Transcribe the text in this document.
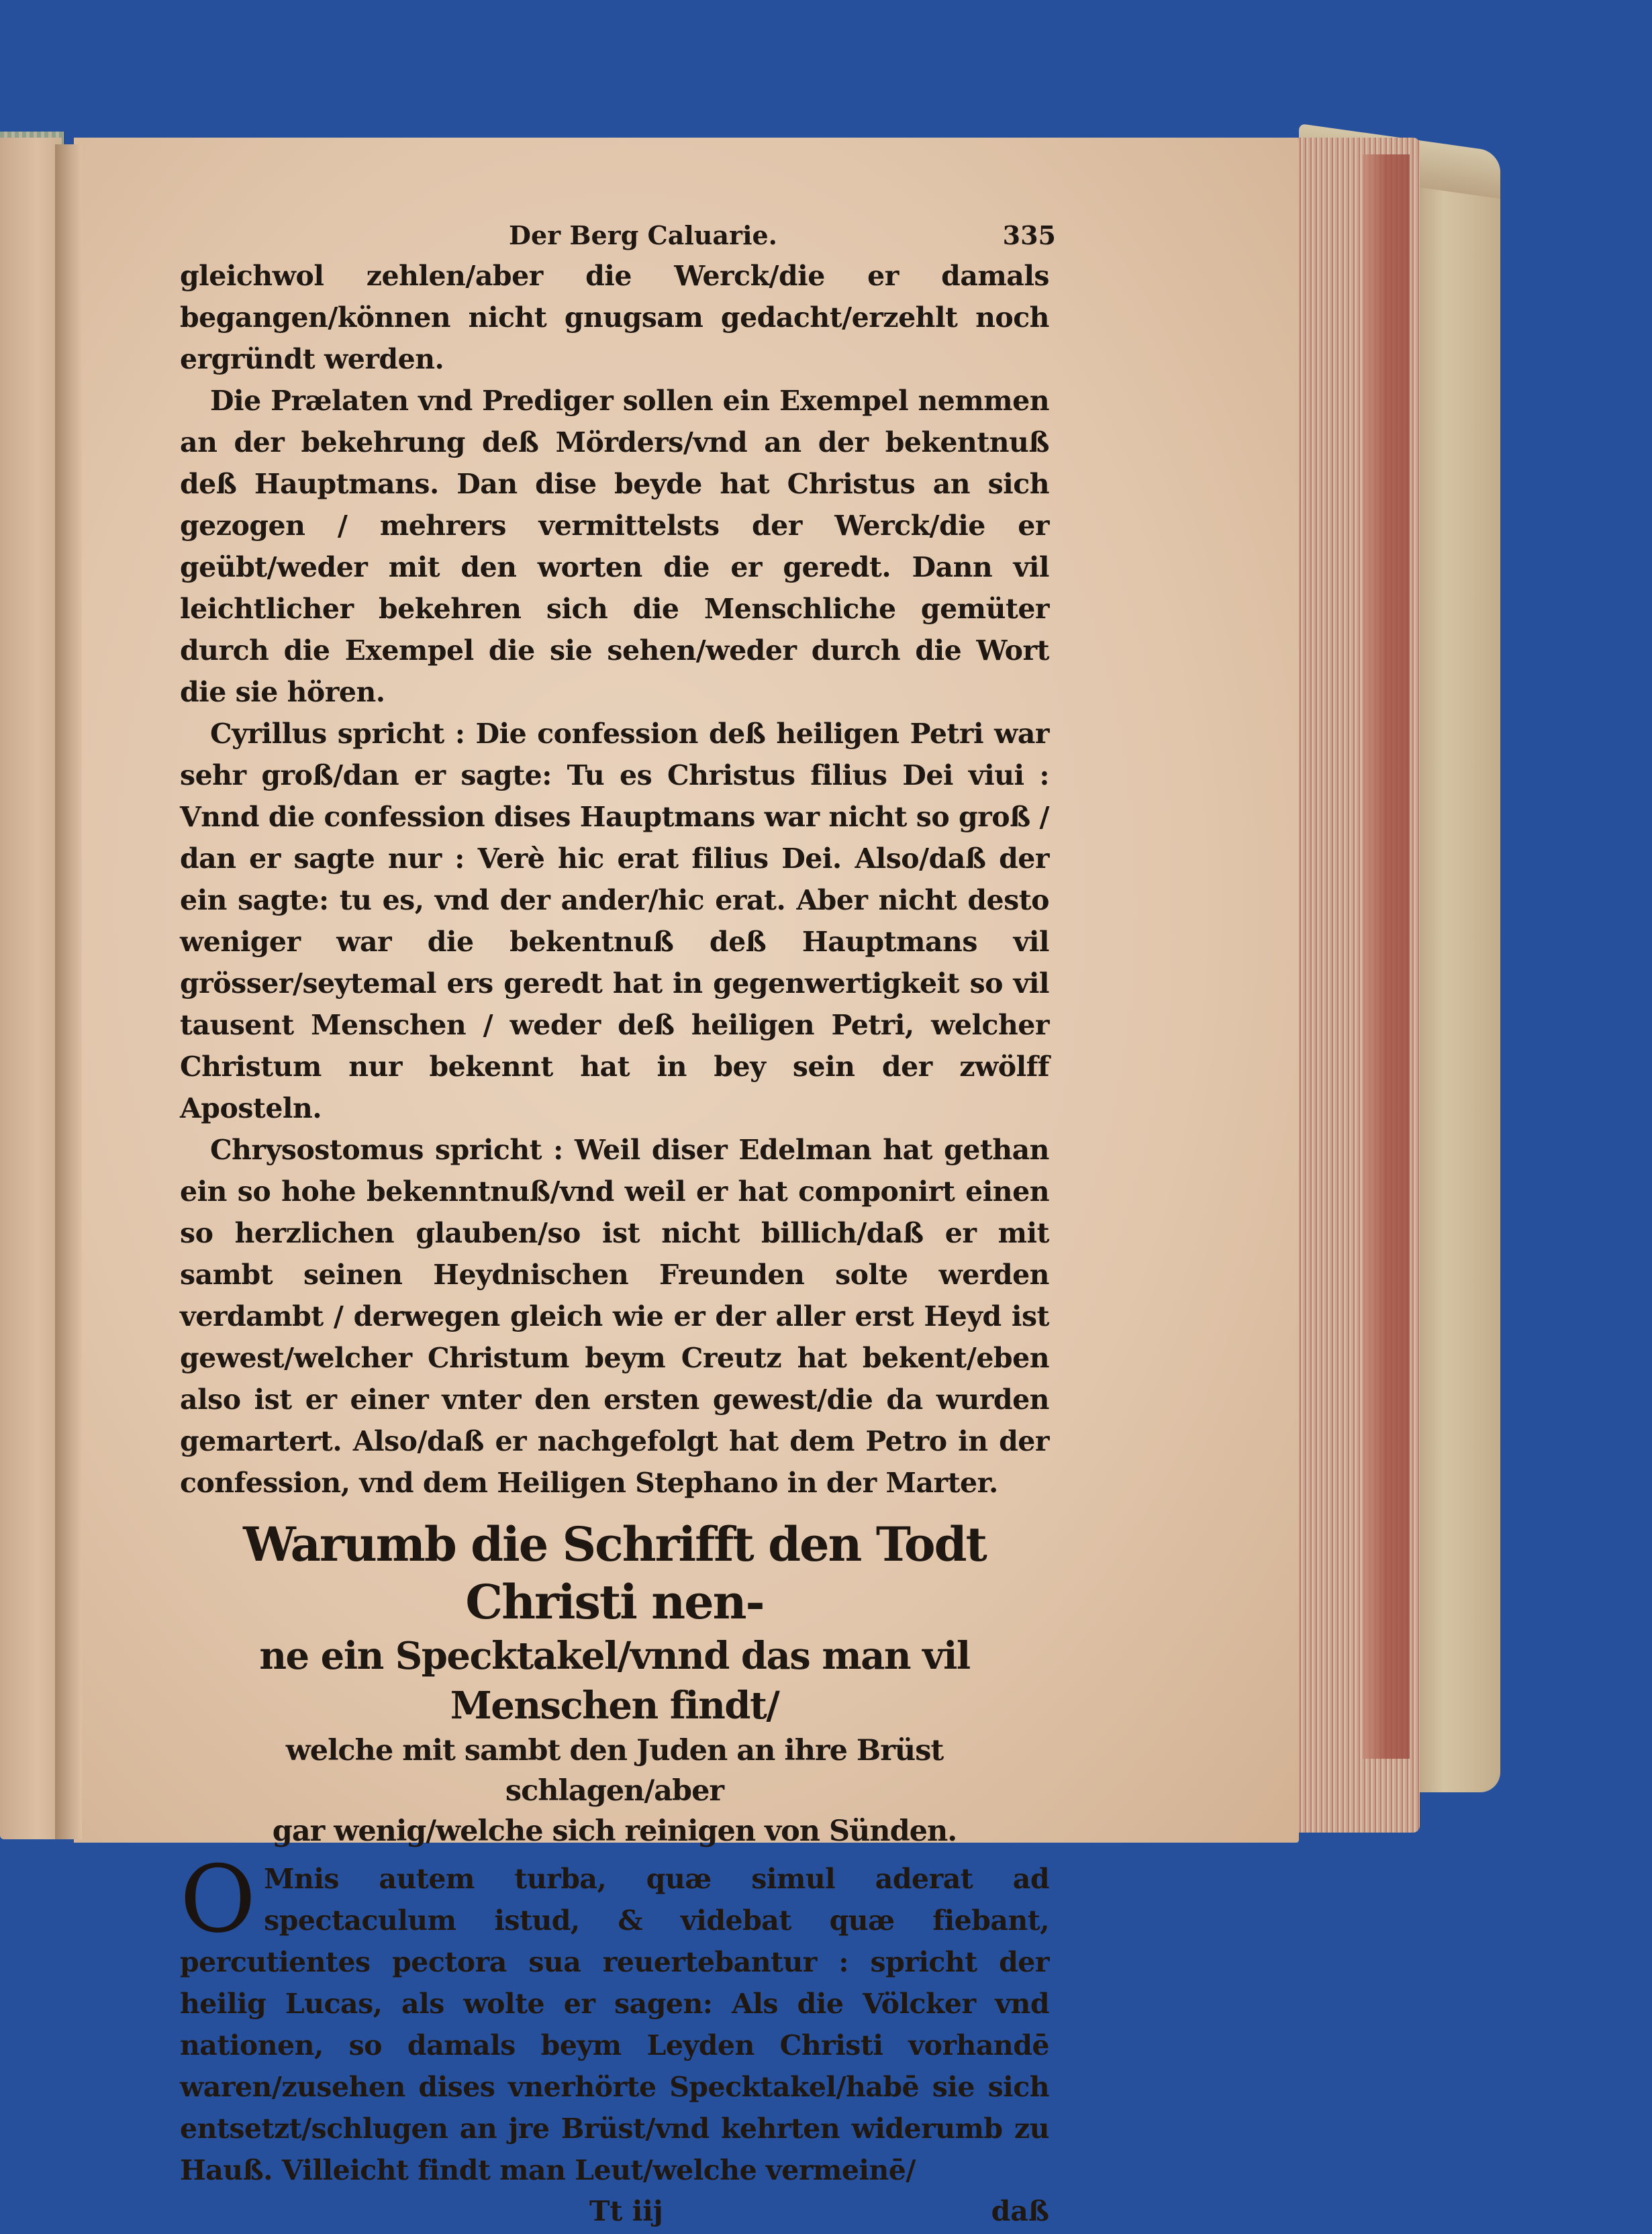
Der Berg Caluarie.	335

gleichwol zehlen/aber die Werck/die er damals begangen/können nicht gnugsam gedacht/erzehlt noch ergründt werden.

Die Prælaten vnd Prediger sollen ein Exempel nemmen an der bekehrung deß Mörders/vnd an der bekentnuß deß Hauptmans. Dan dise beyde hat Christus an sich gezogen / mehrers vermittelsts der Werck/die er geübt/weder mit den worten die er geredt. Dann vil leichtlicher bekehren sich die Menschliche gemüter durch die Exempel die sie sehen/weder durch die Wort die sie hören.

Cyrillus spricht : Die confession deß heiligen Petri war sehr groß/dan er sagte: Tu es Christus filius Dei viui : Vnnd die confession dises Hauptmans war nicht so groß / dan er sagte nur : Verè hic erat filius Dei. Also/daß der ein sagte: tu es, vnd der ander/hic erat. Aber nicht desto weniger war die bekentnuß deß Hauptmans vil grösser/seytemal ers geredt hat in gegenwertigkeit so vil tausent Menschen / weder deß heiligen Petri, welcher Christum nur bekennt hat in bey sein der zwölff Aposteln.

Chrysostomus spricht : Weil diser Edelman hat gethan ein so hohe bekenntnuß/vnd weil er hat componirt einen so herzlichen glauben/so ist nicht billich/daß er mit sambt seinen Heydnischen Freunden solte werden verdambt / derwegen gleich wie er der aller erst Heyd ist gewest/welcher Christum beym Creutz hat bekent/eben also ist er einer vnter den ersten gewest/die da wurden gemartert. Also/daß er nachgefolgt hat dem Petro in der confession, vnd dem Heiligen Stephano in der Marter.

Warumb die Schrifft den Todt Christi nen-
ne ein Specktakel/vnnd das man vil Menschen findt/
welche mit sambt den Juden an ihre Brüst schlagen/aber
gar wenig/welche sich reinigen von Sünden.
O Mnis autem turba, quæ simul aderat ad spectaculum istud, & videbat quæ fiebant, percutientes pectora sua reuertebantur : spricht der heilig Lucas, als wolte er sagen: Als die Völcker vnd nationen, so damals beym Leyden Christi vorhandē waren/zusehen dises vnerhörte Specktakel/habē sie sich entsetzt/schlugen an jre Brüst/vnd kehrten widerumb zu Hauß. Villeicht findt man Leut/welche vermeinē/

Tt iij	daß
